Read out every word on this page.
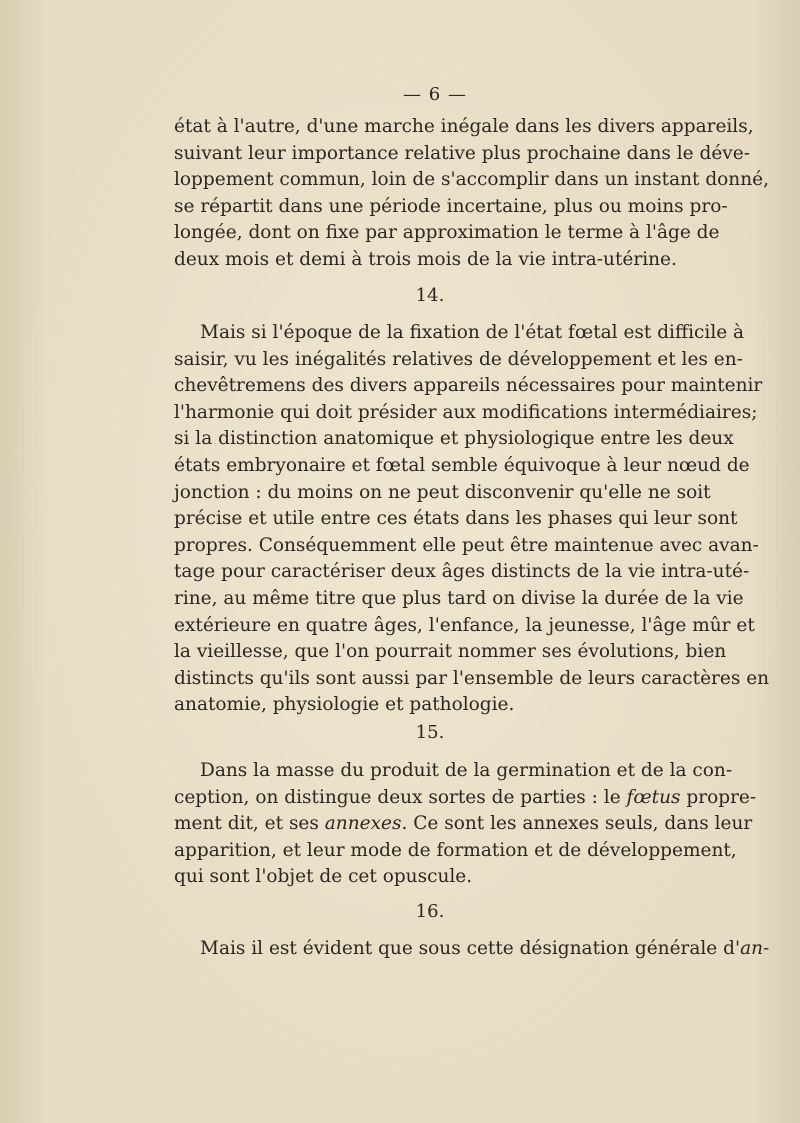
— 6 —
état à l'autre, d'une marche inégale dans les divers appareils,
suivant leur importance relative plus prochaine dans le déve-
loppement commun, loin de s'accomplir dans un instant donné,
se répartit dans une période incertaine, plus ou moins pro-
longée, dont on fixe par approximation le terme à l'âge de
deux mois et demi à trois mois de la vie intra-utérine.
14.
Mais si l'époque de la fixation de l'état fœtal est difficile à
saisir, vu les inégalités relatives de développement et les en-
chevêtremens des divers appareils nécessaires pour maintenir
l'harmonie qui doit présider aux modifications intermédiaires;
si la distinction anatomique et physiologique entre les deux
états embryonaire et fœtal semble équivoque à leur nœud de
jonction : du moins on ne peut disconvenir qu'elle ne soit
précise et utile entre ces états dans les phases qui leur sont
propres. Conséquemment elle peut être maintenue avec avan-
tage pour caractériser deux âges distincts de la vie intra-uté-
rine, au même titre que plus tard on divise la durée de la vie
extérieure en quatre âges, l'enfance, la jeunesse, l'âge mûr et
la vieillesse, que l'on pourrait nommer ses évolutions, bien
distincts qu'ils sont aussi par l'ensemble de leurs caractères en
anatomie, physiologie et pathologie.
15.
Dans la masse du produit de la germination et de la con-
ception, on distingue deux sortes de parties : le fœtus propre-
ment dit, et ses annexes. Ce sont les annexes seuls, dans leur
apparition, et leur mode de formation et de développement,
qui sont l'objet de cet opuscule.
16.
Mais il est évident que sous cette désignation générale d'an-
